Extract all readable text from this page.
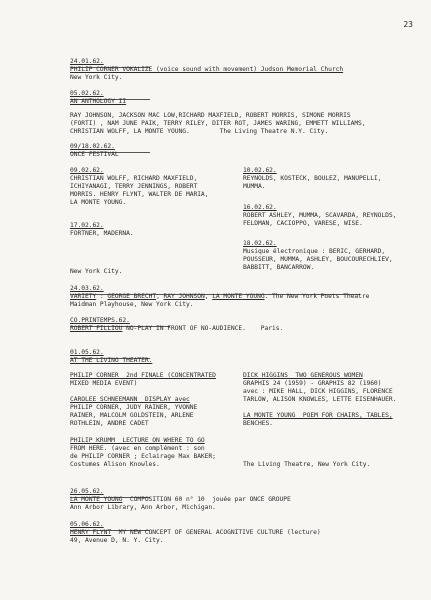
23
24.01.62.
PHILIP CORNER VOKALIZE (voice sound with movement) Judson Memorial Church
New York City.
05.02.62.
AN ANTHOLOGY II
RAY JOHNSON, JACKSON MAC LOW,RICHARD MAXFIELD, ROBERT MORRIS, SIMONE MORRIS
(FORTI) , NAM JUNE PAIK, TERRY RILEY, DITER ROT, JAMES WARING, EMMETT WILLIAMS,
CHRISTIAN WOLFF, LA MONTE YOUNG.        The Living Theatre N.Y. City.
09/18.02.62.
ONCE FESTIVAL
09.02.62.
CHRISTIAN WOLFF, RICHARD MAXFIELD,
ICHIYANAGI, TERRY JENNINGS, ROBERT
MORRIS. HENRY FLYNT, WALTER DE MARIA,
LA MONTE YOUNG.
17.02.62.
FORTNER, MADERNA.
New York City.
10.02.62.
REYNOLDS, KOSTECK, BOULEZ, MANUPELLI,
MUMMA.
16.02.62.
ROBERT ASHLEY, MUMMA, SCAVARDA, REYNOLDS,
FELDMAN, CACIOPPO, VARESE, WISE.
18.02.62.
Musique électronique : BERIC, GERHARD,
POUSSEUR, MUMMA, ASHLEY, BOUCOURECHLIEV,
BABBITT, BANCARROW.
24.03.62.
VARIETY : GEORGE BRECHT, RAY JOHNSON, LA MONTE YOUNG. The New York Poets Theatre
Maidman Playhouse, New York City.
CO.PRINTEMPS.62.
ROBERT FILLIOU NO-PLAY IN FRONT OF NO-AUDIENCE.    Paris.
01.05.62.
AT THE LIVING THEATER.
PHILIP CORNER  2nd FINALE (CONCENTRATED
MIXED MEDIA EVENT)
CAROLEE SCHNEEMANN  DISPLAY avec
PHILIP CORNER, JUDY RAINER, YVONNE
RAINER, MALCOLM GOLDSTEIN, ARLENE
ROTHLEIN, ANDRE CADET
PHILIP KRUMM  LECTURE ON WHERE TO GO
FROM HERE. (avec en complément : son
de PHILIP CORNER ; Eclairage Max BAKER;
Costumes Alison Knowles.
DICK HIGGINS  TWO GENEROUS WOMEN
GRAPHIS 24 (1959) - GRAPHIS 82 (1960)
avec : MIKE HALL, DICK HIGGINS, FLORENCE
TARLOW, ALISON KNOWLES, LETTE EISENHAUER.
LA MONTE YOUNG  POEM FOR CHAIRS, TABLES,
BENCHES.
The Living Theatre, New York City.
26.05.62.
LA MONTE YOUNG  COMPOSITION 60 n° 10  jouée par ONCE GROUPE
Ann Arbor Library, Ann Arbor, Michigan.
05.06.62.
HENRY FLYNT  MY NEW CONCEPT OF GENERAL ACOGNITIVE CULTURE (lecture)
49, Avenue D, N. Y. City.
